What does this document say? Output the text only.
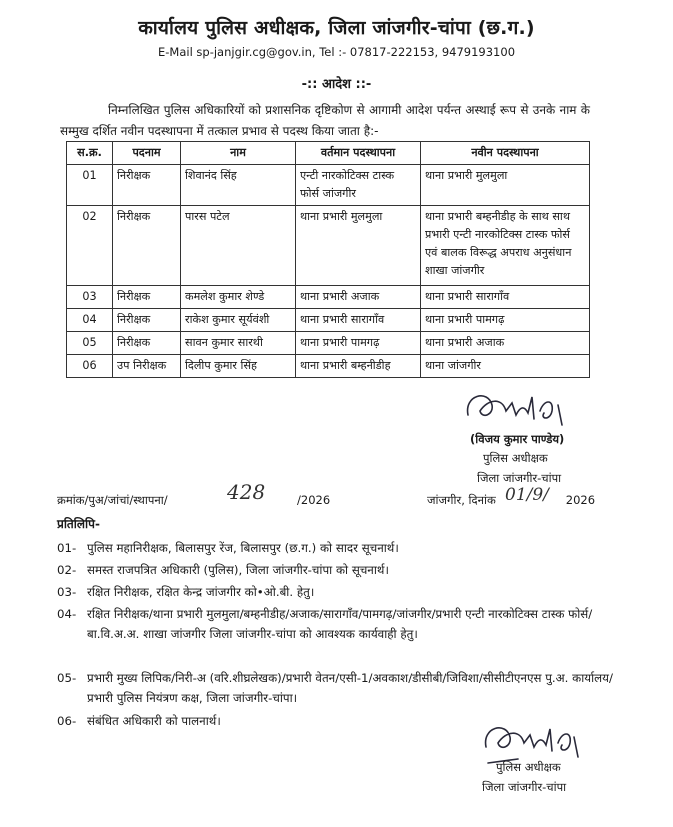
कार्यालय पुलिस अधीक्षक, जिला जांजगीर-चांपा (छ.ग.)
E-Mail sp-janjgir.cg@gov.in, Tel :- 07817-222153, 9479193100
-:: आदेश ::-
निम्नलिखित पुलिस अधिकारियों को प्रशासनिक दृष्टिकोण से आगामी आदेश पर्यन्त अस्थाई रूप से उनके नाम के सम्मुख दर्शित नवीन पदस्थापना में तत्काल प्रभाव से पदस्थ किया जाता है:-
स.क्र.	पदनाम	नाम	वर्तमान पदस्थापना	नवीन पदस्थापना
01	निरीक्षक	शिवानंद सिंह	एन्टी नारकोटिक्स टास्क फोर्स जांजगीर	थाना प्रभारी मुलमुला
02	निरीक्षक	पारस पटेल	थाना प्रभारी मुलमुला	थाना प्रभारी बम्हनीडीह के साथ साथ प्रभारी एन्टी नारकोटिक्स टास्क फोर्स एवं बालक विरूद्ध अपराध अनुसंधान शाखा जांजगीर
03	निरीक्षक	कमलेश कुमार शेण्डे	थाना प्रभारी अजाक	थाना प्रभारी सारागाँव
04	निरीक्षक	राकेश कुमार सूर्यवंशी	थाना प्रभारी सारागाँव	थाना प्रभारी पामगढ़
05	निरीक्षक	सावन कुमार सारथी	थाना प्रभारी पामगढ़	थाना प्रभारी अजाक
06	उप निरीक्षक	दिलीप कुमार सिंह	थाना प्रभारी बम्हनीडीह	थाना जांजगीर
(विजय कुमार पाण्डेय)
पुलिस अधीक्षक
जिला जांजगीर-चांपा
क्रमांक/पुअ/जांचां/स्थापना/	428	/2026	जांजगीर, दिनांक	2026
01/9/
प्रतिलिपि-
01- पुलिस महानिरीक्षक, बिलासपुर रेंज, बिलासपुर (छ.ग.) को सादर सूचनार्थ।
02- समस्त राजपत्रित अधिकारी (पुलिस), जिला जांजगीर-चांपा को सूचनार्थ।
03- रक्षित निरीक्षक, रक्षित केन्द्र जांजगीर को•ओ.बी. हेतु।
04- रक्षित निरीक्षक/थाना प्रभारी मुलमुला/बम्हनीडीह/अजाक/सारागाँव/पामगढ़/जांजगीर/प्रभारी एन्टी नारकोटिक्स टास्क फोर्स/बा.वि.अ.अ. शाखा जांजगीर जिला जांजगीर-चांपा को आवश्यक कार्यवाही हेतु।
05- प्रभारी मुख्य लिपिक/निरी-अ (वरि.शीघ्रलेखक)/प्रभारी वेतन/एसी-1/अवकाश/डीसीबी/जिविशा/सीसीटीएनएस पु.अ. कार्यालय/प्रभारी पुलिस नियंत्रण कक्ष, जिला जांजगीर-चांपा।
06- संबंधित अधिकारी को पालनार्थ।
पुलिस अधीक्षक
जिला जांजगीर-चांपा
